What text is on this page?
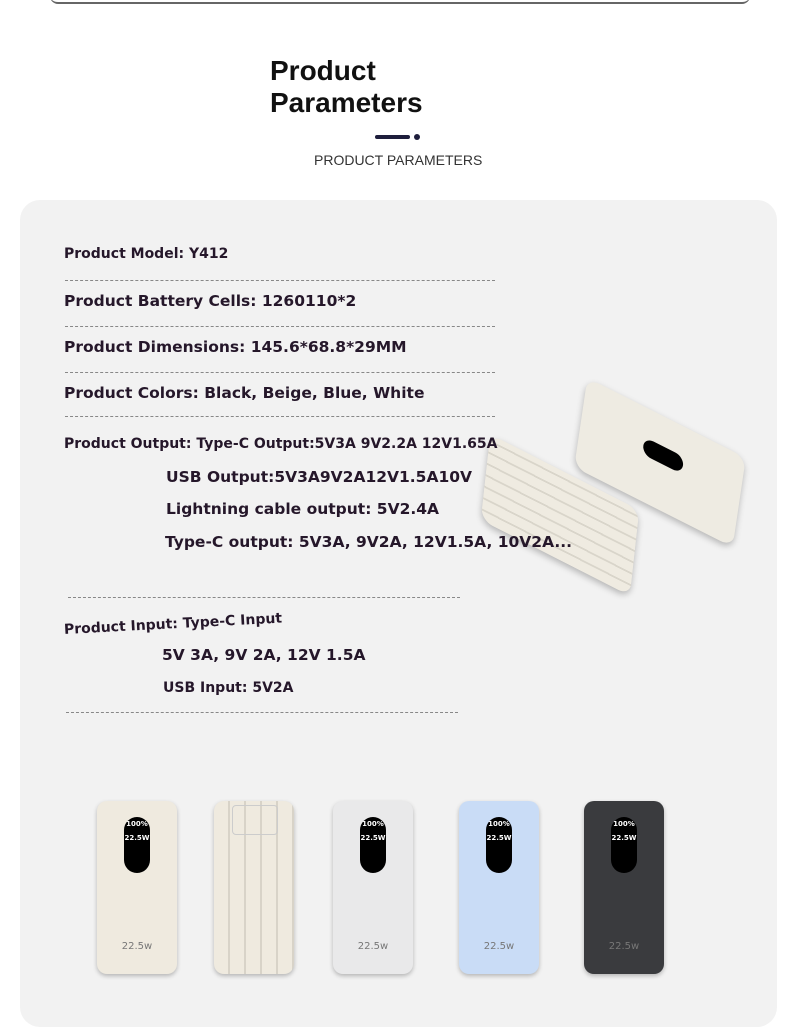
Product
Parameters
PRODUCT PARAMETERS
Product Model: Y412
Product Battery Cells: 1260110*2
Product Dimensions: 145.6*68.8*29MM
Product Colors: Black, Beige, Blue, White
Product Output: Type-C Output:5V3A 9V2.2A 12V1.65A
USB Output:5V3A9V2A12V1.5A10V
Lightning cable output: 5V2.4A
Type-C output: 5V3A, 9V2A, 12V1.5A, 10V2A...
Product Input: Type-C Input
5V 3A, 9V 2A, 12V 1.5A
USB Input: 5V2A
100%
22.5W
22.5w
100%
22.5W
22.5w
100%
22.5W
22.5w
100%
22.5W
22.5w
